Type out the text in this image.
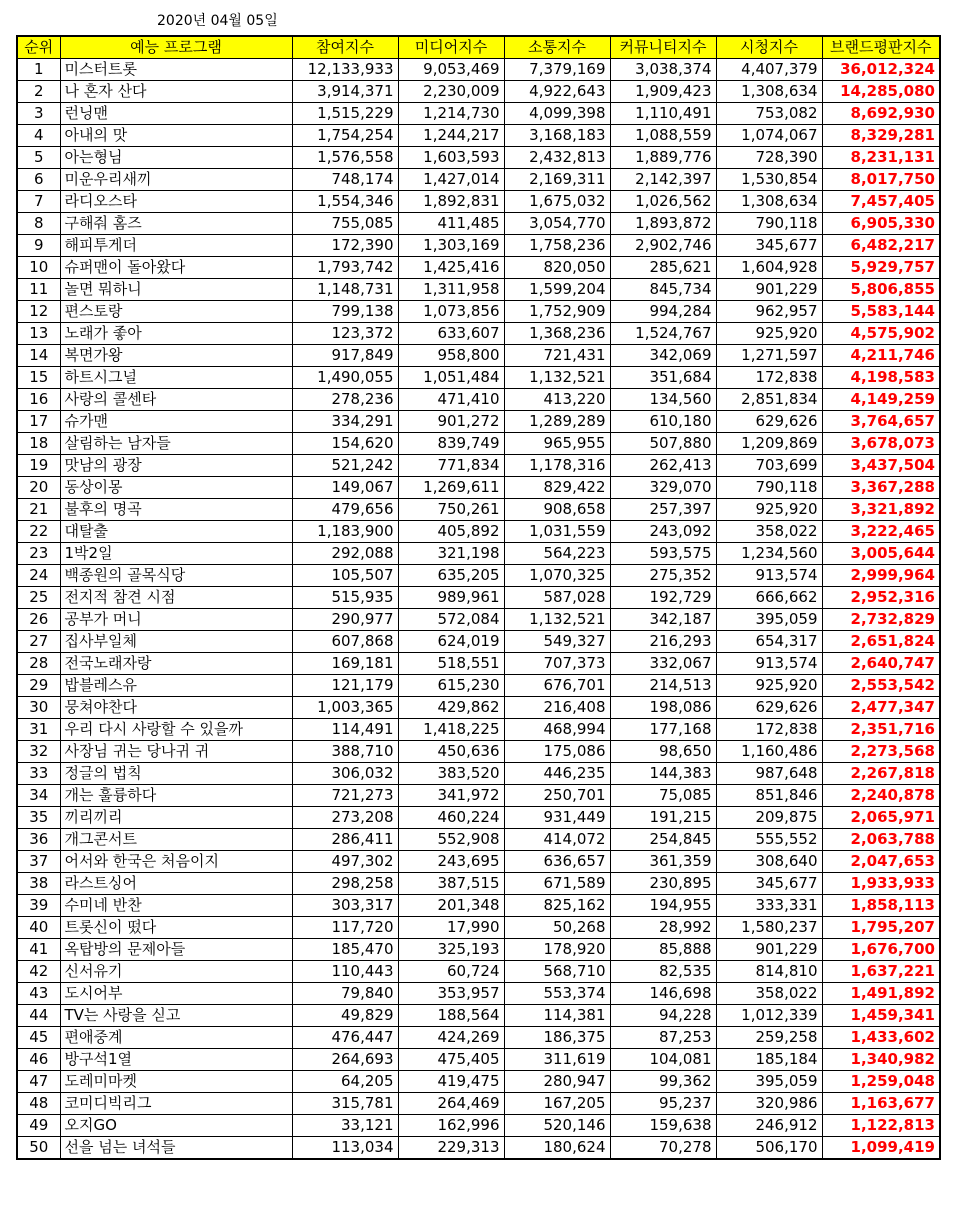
2020년 04월 05일
순위	예능 프로그램	참여지수	미디어지수	소통지수	커뮤니티지수	시청지수	브랜드평판지수
1	미스터트롯	12,133,933	9,053,469	7,379,169	3,038,374	4,407,379	36,012,324
2	나 혼자 산다	3,914,371	2,230,009	4,922,643	1,909,423	1,308,634	14,285,080
3	런닝맨	1,515,229	1,214,730	4,099,398	1,110,491	753,082	8,692,930
4	아내의 맛	1,754,254	1,244,217	3,168,183	1,088,559	1,074,067	8,329,281
5	아는형님	1,576,558	1,603,593	2,432,813	1,889,776	728,390	8,231,131
6	미운우리새끼	748,174	1,427,014	2,169,311	2,142,397	1,530,854	8,017,750
7	라디오스타	1,554,346	1,892,831	1,675,032	1,026,562	1,308,634	7,457,405
8	구해줘 홈즈	755,085	411,485	3,054,770	1,893,872	790,118	6,905,330
9	해피투게더	172,390	1,303,169	1,758,236	2,902,746	345,677	6,482,217
10	슈퍼맨이 돌아왔다	1,793,742	1,425,416	820,050	285,621	1,604,928	5,929,757
11	놀면 뭐하니	1,148,731	1,311,958	1,599,204	845,734	901,229	5,806,855
12	편스토랑	799,138	1,073,856	1,752,909	994,284	962,957	5,583,144
13	노래가 좋아	123,372	633,607	1,368,236	1,524,767	925,920	4,575,902
14	복면가왕	917,849	958,800	721,431	342,069	1,271,597	4,211,746
15	하트시그널	1,490,055	1,051,484	1,132,521	351,684	172,838	4,198,583
16	사랑의 콜센타	278,236	471,410	413,220	134,560	2,851,834	4,149,259
17	슈가맨	334,291	901,272	1,289,289	610,180	629,626	3,764,657
18	살림하는 남자들	154,620	839,749	965,955	507,880	1,209,869	3,678,073
19	맛남의 광장	521,242	771,834	1,178,316	262,413	703,699	3,437,504
20	동상이몽	149,067	1,269,611	829,422	329,070	790,118	3,367,288
21	불후의 명곡	479,656	750,261	908,658	257,397	925,920	3,321,892
22	대탈출	1,183,900	405,892	1,031,559	243,092	358,022	3,222,465
23	1박2일	292,088	321,198	564,223	593,575	1,234,560	3,005,644
24	백종원의 골목식당	105,507	635,205	1,070,325	275,352	913,574	2,999,964
25	전지적 참견 시점	515,935	989,961	587,028	192,729	666,662	2,952,316
26	공부가 머니	290,977	572,084	1,132,521	342,187	395,059	2,732,829
27	집사부일체	607,868	624,019	549,327	216,293	654,317	2,651,824
28	전국노래자랑	169,181	518,551	707,373	332,067	913,574	2,640,747
29	밥블레스유	121,179	615,230	676,701	214,513	925,920	2,553,542
30	뭉쳐야찬다	1,003,365	429,862	216,408	198,086	629,626	2,477,347
31	우리 다시 사랑할 수 있을까	114,491	1,418,225	468,994	177,168	172,838	2,351,716
32	사장님 귀는 당나귀 귀	388,710	450,636	175,086	98,650	1,160,486	2,273,568
33	정글의 법칙	306,032	383,520	446,235	144,383	987,648	2,267,818
34	개는 훌륭하다	721,273	341,972	250,701	75,085	851,846	2,240,878
35	끼리끼리	273,208	460,224	931,449	191,215	209,875	2,065,971
36	개그콘서트	286,411	552,908	414,072	254,845	555,552	2,063,788
37	어서와 한국은 처음이지	497,302	243,695	636,657	361,359	308,640	2,047,653
38	라스트싱어	298,258	387,515	671,589	230,895	345,677	1,933,933
39	수미네 반찬	303,317	201,348	825,162	194,955	333,331	1,858,113
40	트롯신이 떴다	117,720	17,990	50,268	28,992	1,580,237	1,795,207
41	옥탑방의 문제아들	185,470	325,193	178,920	85,888	901,229	1,676,700
42	신서유기	110,443	60,724	568,710	82,535	814,810	1,637,221
43	도시어부	79,840	353,957	553,374	146,698	358,022	1,491,892
44	TV는 사랑을 싣고	49,829	188,564	114,381	94,228	1,012,339	1,459,341
45	편애중계	476,447	424,269	186,375	87,253	259,258	1,433,602
46	방구석1열	264,693	475,405	311,619	104,081	185,184	1,340,982
47	도레미마켓	64,205	419,475	280,947	99,362	395,059	1,259,048
48	코미디빅리그	315,781	264,469	167,205	95,237	320,986	1,163,677
49	오지GO	33,121	162,996	520,146	159,638	246,912	1,122,813
50	선을 넘는 녀석들	113,034	229,313	180,624	70,278	506,170	1,099,419
